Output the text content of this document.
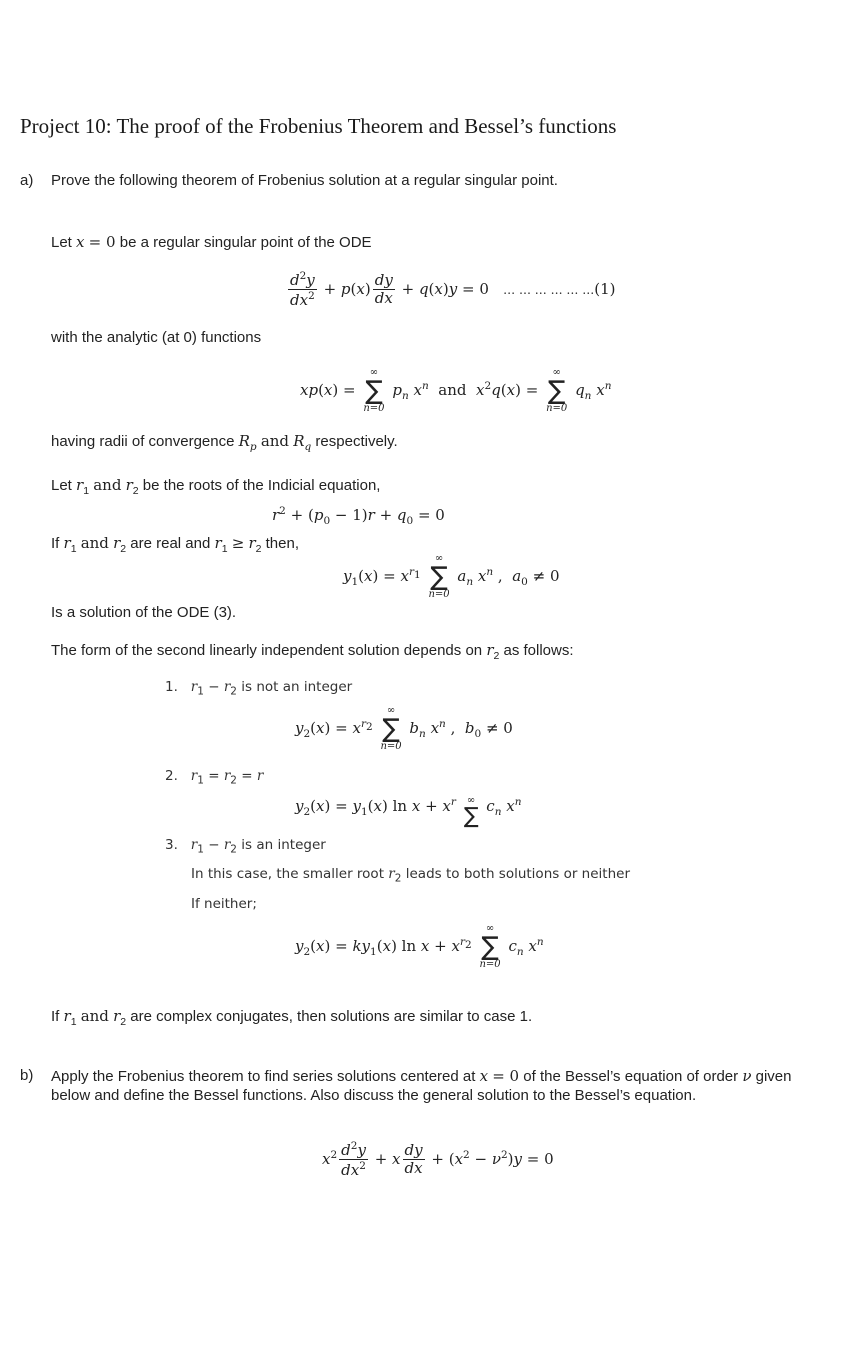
Project 10: The proof of the Frobenius Theorem and Bessel’s functions
a) Prove the following theorem of Frobenius solution at a regular singular point.
Let x = 0 be a regular singular point of the ODE
$\frac{d^2y}{dx^2} + p(x) \frac{dy}{dx} + q(x)y = 0$   … … … … … …(1)
with the analytic (at 0) functions
xp(x) =
∞
∑
n=0
$p_n$ $x^n$ and $x^2q(x)$ =
∞
∑
n=0
$q_n$ $x^n$
having radii of convergence $R_p$ and $R_q$ respectively.
Let $r_1$ and $r_2$ be the roots of the Indicial equation,
$r^2 + (p_0 - 1)r + q_0 = 0$
If $r_1$ and $r_2$ are real and $r_1 \ge r_2$ then,
$y_1(x) = x^{r_1}$
∞
∑
n=0
$a_n$ $x^n$ ,  $a_0 \ne 0$
Is a solution of the ODE (3).
The form of the second linearly independent solution depends on $r_2$ as follows:
1. $r_1 - r_2$ is not an integer
$y_2(x) = x^{r_2}$
∞
∑
n=0
$b_n$ $x^n$ ,  $b_0 \ne 0$
2. $r_1 = r_2 = r$
$y_2(x) = y_1(x)$ $\ln x + x^r$	∞
∑ $c_n$ $x^n$
3. $r_1 - r_2$ is an integer
In this case, the smaller root $r_2$ leads to both solutions or neither
If neither;
$y_2(x) = ky_1(x)$ $\ln x + x^{r_2}$
∞
∑
n=0
$c_n$ $x^n$
If $r_1$ and $r_2$ are complex conjugates, then solutions are similar to case 1.
b) Apply the Frobenius theorem to find series solutions centered at x = 0 of the Bessel’s equation of order ν given
below and define the Bessel functions. Also discuss the general solution to the Bessel’s equation.
$x^2 \frac{d^2y}{dx^2} + x \frac{dy}{dx} + (x^2 - \nu^2)y = 0$
